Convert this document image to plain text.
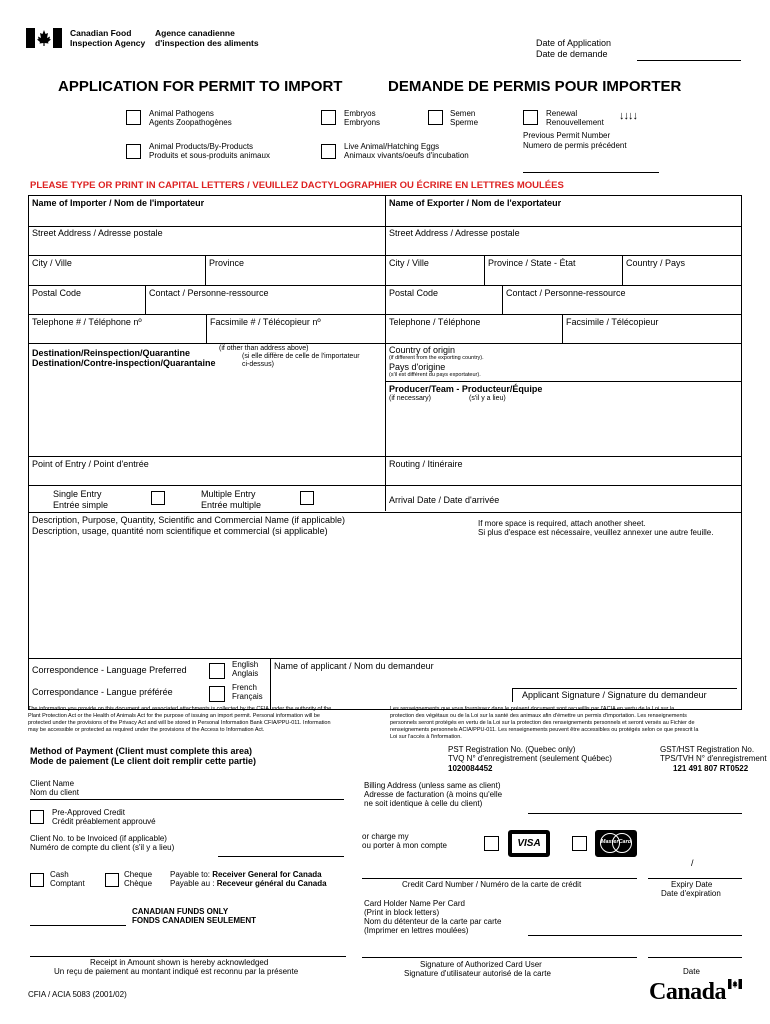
Canadian Food
Inspection Agency
Agence canadienne
d'inspection des aliments	Date of Application
Date de demande
APPLICATION FOR PERMIT TO IMPORT	DEMANDE DE PERMIS POUR IMPORTER
Animal Pathogens
Agents Zoopathogènes
Embryos
Embryons
Semen
Sperme
Renewal
Renouvellement
↓↓↓↓
Previous Permit Number
Numero de permis précédent
Animal Products/By-Products
Produits et sous-produits animaux
Live Animal/Hatching Eggs
Animaux vivants/oeufs d'incubation
PLEASE TYPE OR PRINT IN CAPITAL LETTERS / VEUILLEZ DACTYLOGRAPHIER OU ÉCRIRE EN LETTRES MOULÉES
Name of Importer / Nom de l'importateur	Name of Exporter / Nom de l'exportateur
Street Address / Adresse postale	Street Address / Adresse postale
City / Ville	Province	City / Ville	Province / State - État	Country / Pays
Postal Code	Contact / Personne-ressource	Postal Code	Contact / Personne-ressource
Telephone # / Téléphone nº	Facsimile # / Télécopieur nº	Telephone / Téléphone	Facsimile / Télécopieur
Destination/Reinspection/Quarantine
Destination/Contre-inspection/Quarantaine
(if other than address above)
(si elle diffère de celle de l'importateur
ci-dessus)
Country of origin
(if different from the exporting country).
Pays d'origine
(s'il est différent du pays exportateur).
Producer/Team - Producteur/Équipe
(if necessary)	(s'il y a lieu)
Point of Entry / Point d'entrée	Routing / Itinéraire
Single Entry
Entrée simple
Multiple Entry
Entrée multiple	Arrival Date / Date d'arrivée
Description, Purpose, Quantity, Scientific and Commercial Name (if applicable)
Description, usage, quantité nom scientifique et commercial (si applicable)
If more space is required, attach another sheet.
Si plus d'espace est nécessaire, veuillez annexer une autre feuille.
Correspondence - Language Preferred
Correspondance - Langue préférée
English
Anglais
French
Français
Name of applicant / Nom du demandeur
Applicant Signature / Signature du demandeur
The information you provide on this document and associated attachments is collected by the CFIA under the authority of the
Plant Protection Act or the Health of Animals Act for the purpose of issuing an import permit. Personal information will be
protected under the provisions of the Privacy Act and will be stored in Personal Information Bank CFIA/PPU-011. Information
may be accessible or protected as required under the provisions of the Access to Information Act.
Les renseignements que vous fournissez dans le présent document sont recueillis par l'ACIA en vertu de la Loi sur la
protection des végétaux ou de la Loi sur la santé des animaux afin d'émettre un permis d'importation. Les renseignements
personnels seront protégés en vertu de la Loi sur la protection des renseignements personnels et seront versés au Fichier de
renseignements personnels ACIA/PPU-011. Les renseignements peuvent être accessibles ou protégés selon ce que prescrit la
Loi sur l'accès à l'information.
Method of Payment (Client must complete this area)
Mode de paiement (Le client doit remplir cette partie)
PST Registration No. (Quebec only)
TVQ N° d'enregistrement (seulement Québec)
1020084452
GST/HST Registration No.
TPS/TVH N° d'enregistrement
121 491 807 RT0522
Client Name
Nom du client
Billing Address (unless same as client)
Adresse de facturation (à moins qu'elle
ne soit identique à celle du client)
Pre-Approved Credit
Crédit préablement approuvé
Client No. to be Invoiced (if applicable)
Numéro de compte du client (s'il y a lieu)
or charge my
ou porter à mon compte	VISA	MasterCard
/
Cash
Comptant
Cheque
Chèque
Payable to: Receiver General for Canada
Payable au : Receveur général du Canada	Credit Card Number / Numéro de la carte de crédit	Expiry Date
Date d'expiration
CANADIAN FUNDS ONLY
FONDS CANADIEN SEULEMENT
Card Holder Name Per Card
(Print in block letters)
Nom du détenteur de la carte par carte
(Imprimer en lettres moulées)
Receipt in Amount shown is hereby acknowledged
Un reçu de paiement au montant indiqué est reconnu par la présente
Signature of Authorized Card User
Signature d'utilisateur autorisé de la carte	Date
CFIA / ACIA 5083 (2001/02)	Canada
